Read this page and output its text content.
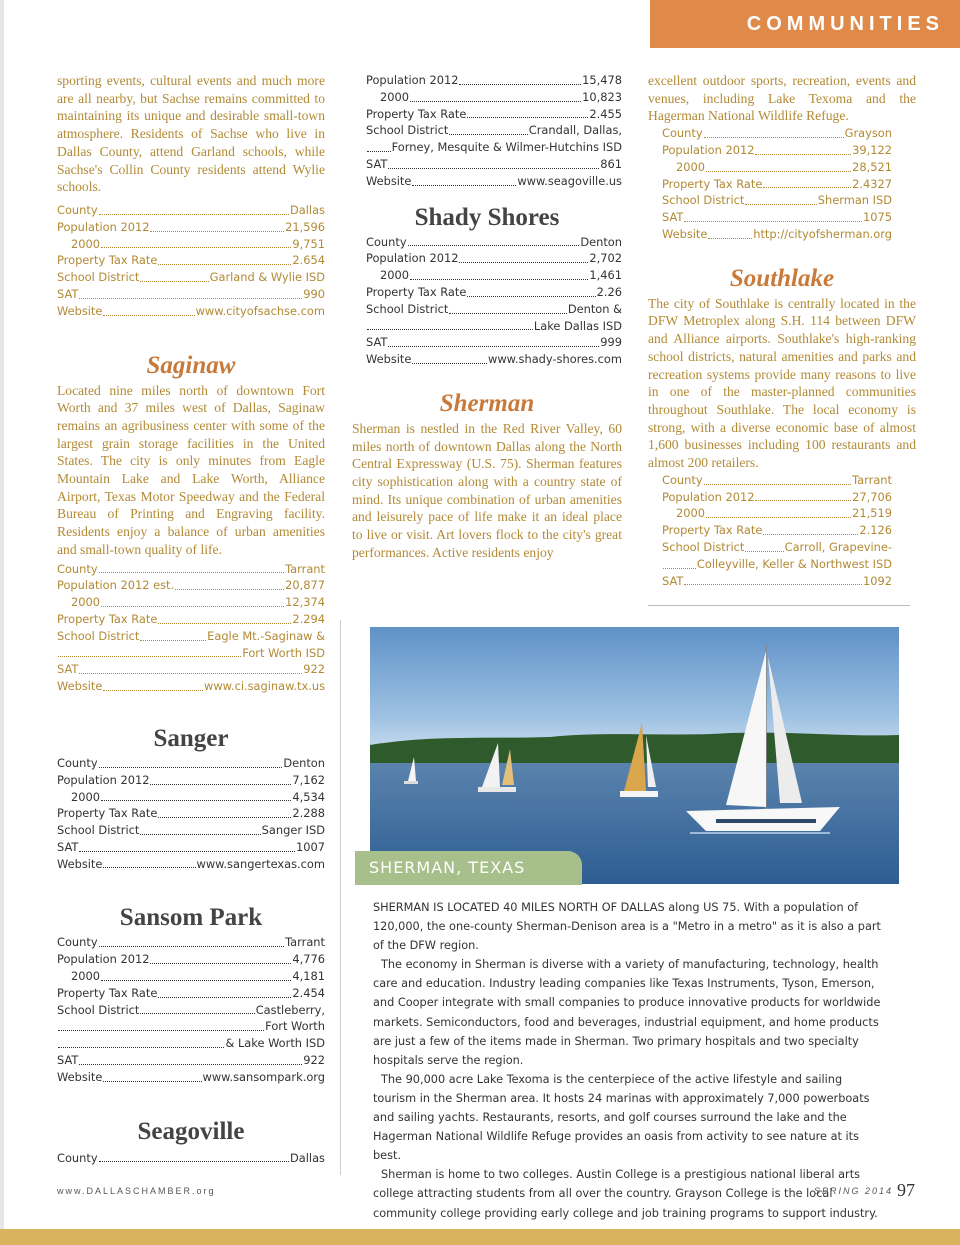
COMMUNITIES

sporting events, cultural events and much more are all nearby, but Sachse remains committed to maintaining its unique and desirable small-town atmosphere. Residents of Sachse who live in Dallas County, attend Garland schools, while Sachse's Collin County residents attend Wylie schools.

County	Dallas
Population 2012	21,596
2000	9,751
Property Tax Rate	2.654
School District	Garland & Wylie ISD
SAT	990
Website	www.cityofsachse.com
Saginaw

Located nine miles north of downtown Fort Worth and 37 miles west of Dallas, Saginaw remains an agribusiness center with some of the largest grain storage facilities in the United States. The city is only minutes from Eagle Mountain Lake and Lake Worth, Alliance Airport, Texas Motor Speedway and the Federal Bureau of Printing and Engraving facility. Residents enjoy a balance of urban amenities and small-town quality of life.

County	Tarrant
Population 2012 est.	20,877
2000	12,374
Property Tax Rate	2.294
School District	Eagle Mt.-Saginaw &
Fort Worth ISD
SAT	922
Website	www.ci.saginaw.tx.us
Sanger
County	Denton
Population 2012	7,162
2000	4,534
Property Tax Rate	2.288
School District	Sanger ISD
SAT	1007
Website	www.sangertexas.com
Sansom Park
County	Tarrant
Population 2012	4,776
2000	4,181
Property Tax Rate	2.454
School District	Castleberry,
Fort Worth
& Lake Worth ISD
SAT	922
Website	www.sansompark.org
Seagoville
County	Dallas
Population 2012	15,478
2000	10,823
Property Tax Rate	2.455
School District	Crandall, Dallas,
Forney, Mesquite & Wilmer-Hutchins ISD
SAT	861
Website	www.seagoville.us
Shady Shores
County	Denton
Population 2012	2,702
2000	1,461
Property Tax Rate	2.26
School District	Denton &
Lake Dallas ISD
SAT	999
Website	www.shady-shores.com
Sherman

Sherman is nestled in the Red River Valley, 60 miles north of downtown Dallas along the North Central Expressway (U.S. 75). Sherman features city sophistication along with a country state of mind. Its unique combination of urban amenities and leisurely pace of life make it an ideal place to live or visit. Art lovers flock to the city's great performances. Active residents enjoy

excellent outdoor sports, recreation, events and venues, including Lake Texoma and the Hagerman National Wildlife Refuge.

County	Grayson
Population 2012	39,122
2000	28,521
Property Tax Rate	2.4327
School District	Sherman ISD
SAT	1075
Website	http://cityofsherman.org
Southlake

The city of Southlake is centrally located in the DFW Metroplex along S.H. 114 between DFW and Alliance airports. Southlake's high-ranking school districts, natural amenities and parks and recreation systems provide many reasons to live in one of the master-planned communities throughout Southlake. The local economy is strong, with a diverse economic base of almost 1,600 businesses including 100 restaurants and almost 200 retailers.

County	Tarrant
Population 2012	27,706
2000	21,519
Property Tax Rate	2.126
School District	Carroll, Grapevine-
Colleyville, Keller & Northwest ISD
SAT	1092
SHERMAN, TEXAS

SHERMAN IS LOCATED 40 MILES NORTH OF DALLAS along US 75. With a population of 120,000, the one-county Sherman-Denison area is a "Metro in a metro" as it is also a part of the DFW region.

The economy in Sherman is diverse with a variety of manufacturing, technology, health care and education. Industry leading companies like Texas Instruments, Tyson, Emerson, and Cooper integrate with small companies to produce innovative products for worldwide markets. Semiconductors, food and beverages, industrial equipment, and home products are just a few of the items made in Sherman. Two primary hospitals and two specialty hospitals serve the region.

The 90,000 acre Lake Texoma is the centerpiece of the active lifestyle and sailing tourism in the Sherman area. It hosts 24 marinas with approximately 7,000 powerboats and sailing yachts. Restaurants, resorts, and golf courses surround the lake and the Hagerman National Wildlife Refuge provides an oasis from activity to see nature at its best.

Sherman is home to two colleges. Austin College is a prestigious national liberal arts college attracting students from all over the country. Grayson College is the local community college providing early college and job training programs to support industry.

www.DALLASCHAMBER.org	SPRING 2014 97
